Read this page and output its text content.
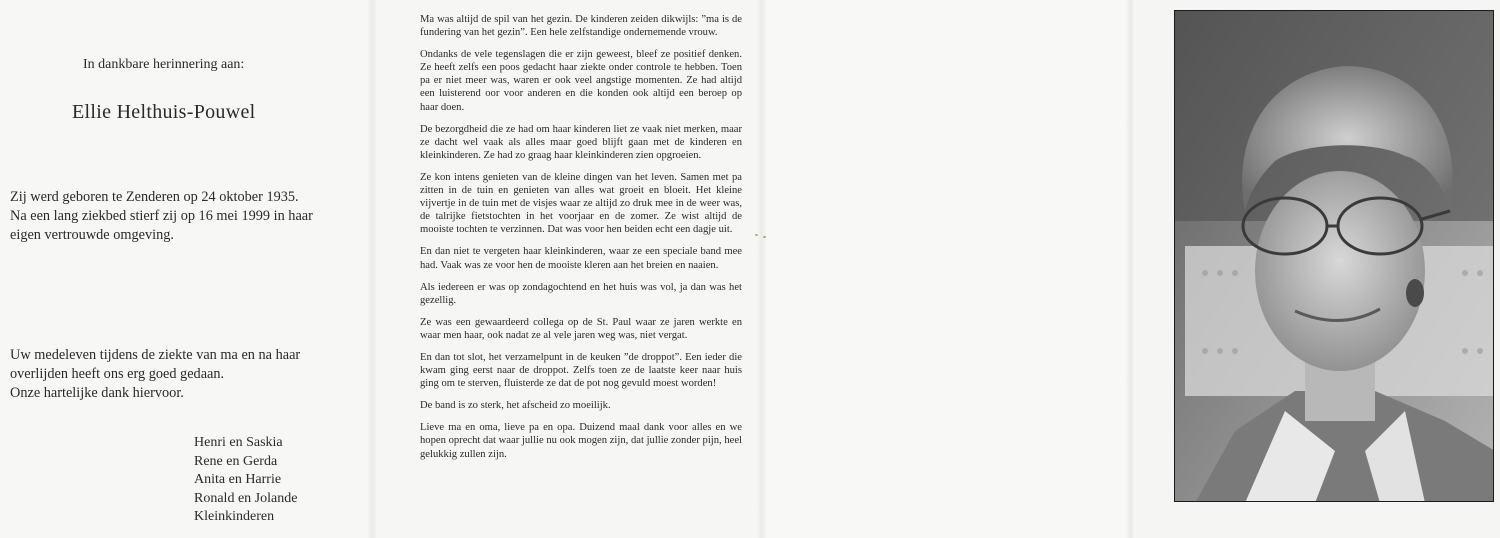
In dankbare herinnering aan:
Ellie Helthuis-Pouwel

Zij werd geboren te Zenderen op 24 oktober 1935.

Na een lang ziekbed stierf zij op 16 mei 1999 in haar

eigen vertrouwde omgeving.

Uw medeleven tijdens de ziekte van ma en na haar

overlijden heeft ons erg goed gedaan.

Onze hartelijke dank hiervoor.

Henri en Saskia
Rene en Gerda
Anita en Harrie
Ronald en Jolande
Kleinkinderen

Ma was altijd de spil van het gezin. De kinderen zeiden dikwijls: ”ma is de fundering van het gezin”. Een hele zelfstandige ondernemende vrouw.

Ondanks de vele tegenslagen die er zijn geweest, bleef ze positief denken. Ze heeft zelfs een poos gedacht haar ziekte onder controle te hebben. Toen pa er niet meer was, waren er ook veel angstige momenten. Ze had altijd een luisterend oor voor anderen en die konden ook altijd een beroep op haar doen.

De bezorgdheid die ze had om haar kinderen liet ze vaak niet merken, maar ze dacht wel vaak als alles maar goed blijft gaan met de kinderen en kleinkinderen. Ze had zo graag haar kleinkinderen zien opgroeien.

Ze kon intens genieten van de kleine dingen van het leven. Samen met pa zitten in de tuin en genieten van alles wat groeit en bloeit. Het kleine vijvertje in de tuin met de visjes waar ze altijd zo druk mee in de weer was, de talrijke fietstochten in het voorjaar en de zomer. Ze wist altijd de mooiste tochten te verzinnen. Dat was voor hen beiden echt een dagje uit.

En dan niet te vergeten haar kleinkinderen, waar ze een speciale band mee had. Vaak was ze voor hen de mooiste kleren aan het breien en naaien.

Als iedereen er was op zondagochtend en het huis was vol, ja dan was het gezellig.

Ze was een gewaardeerd collega op de St. Paul waar ze jaren werkte en waar men haar, ook nadat ze al vele jaren weg was, niet vergat.

En dan tot slot, het verzamelpunt in de keuken ”de droppot”. Een ieder die kwam ging eerst naar de droppot. Zelfs toen ze de laatste keer naar huis ging om te sterven, fluisterde ze dat de pot nog gevuld moest worden!

De band is zo sterk, het afscheid zo moeilijk.

Lieve ma en oma, lieve pa en opa. Duizend maal dank voor alles en we hopen oprecht dat waar jullie nu ook mogen zijn, dat jullie zonder pijn, heel gelukkig zullen zijn.
